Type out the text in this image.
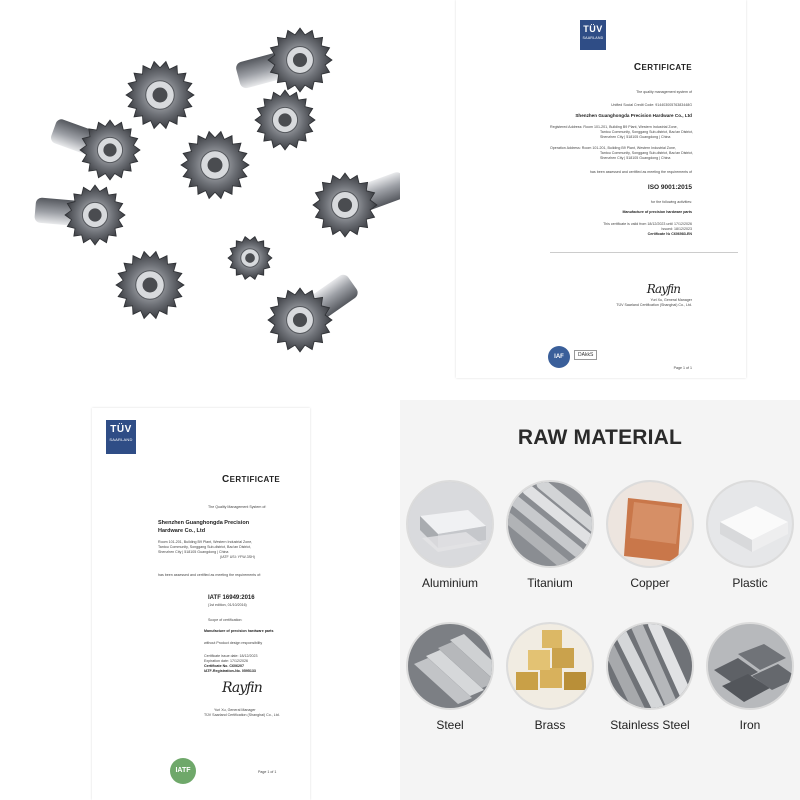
TÜV
SAARLAND
CERTIFICATE
The quality management system of
Unified Social Credit Code: 91440300576383448G
Shenzhen Guanghongda Precision Hardware Co., Ltd
Registered Address: Room 101-201, Building B9 Plant, Western Industrial Zone,
Tantou Community, Songgang Sub-district, Bao'an District,
Shenzhen City | 518105 Guangdong | China
Operation Address: Room 101-201, Building B9 Plant, Western Industrial Zone,
Tantou Community, Songgang Sub-district, Bao'an District,
Shenzhen City | 518105 Guangdong | China
has been assessed and certified as meeting the requirements of
ISO 9001:2015
for the following activities:
Manufacture of precision hardware parts
This certificate is valid from 18/12/2023 until 17/12/2026
Issued: 18/12/2023
Certificate № C606983-EN
Rayfin
Yuri Xu, General Manager
TÜV Saarland Certification (Shanghai) Co., Ltd.
IAF	DAkkS
Page 1 of 1
TÜV
SAARLAND
CERTIFICATE
The Quality Management System of:
Shenzhen Guanghongda Precision
Hardware Co., Ltd
Room 101-201, Building B9 Plant, Western Industrial Zone,
Tantou Community, Songgang Sub-district, Bao'an District,
Shenzhen City | 518105 Guangdong | China
(IATF USI: YFW-3SH)
has been assessed and certified as meeting the requirements of:
IATF 16949:2016
(1st edition, 01/10/2016)
Scope of certification:
Manufacture of precision hardware parts
without Product design responsibility
Certificate issue date: 18/12/2023
Expiration date: 17/12/2026
Certificate No. C606207
IATF-Registration-No. 0595133
Rayfin
Yuri Xu, General Manager
TÜV Saarland Certification (Shanghai) Co., Ltd.
IATF	Page 1 of 1
RAW MATERIAL
Aluminium	Titanium	Copper	Plastic
Steel	Brass	Stainless Steel	Iron
